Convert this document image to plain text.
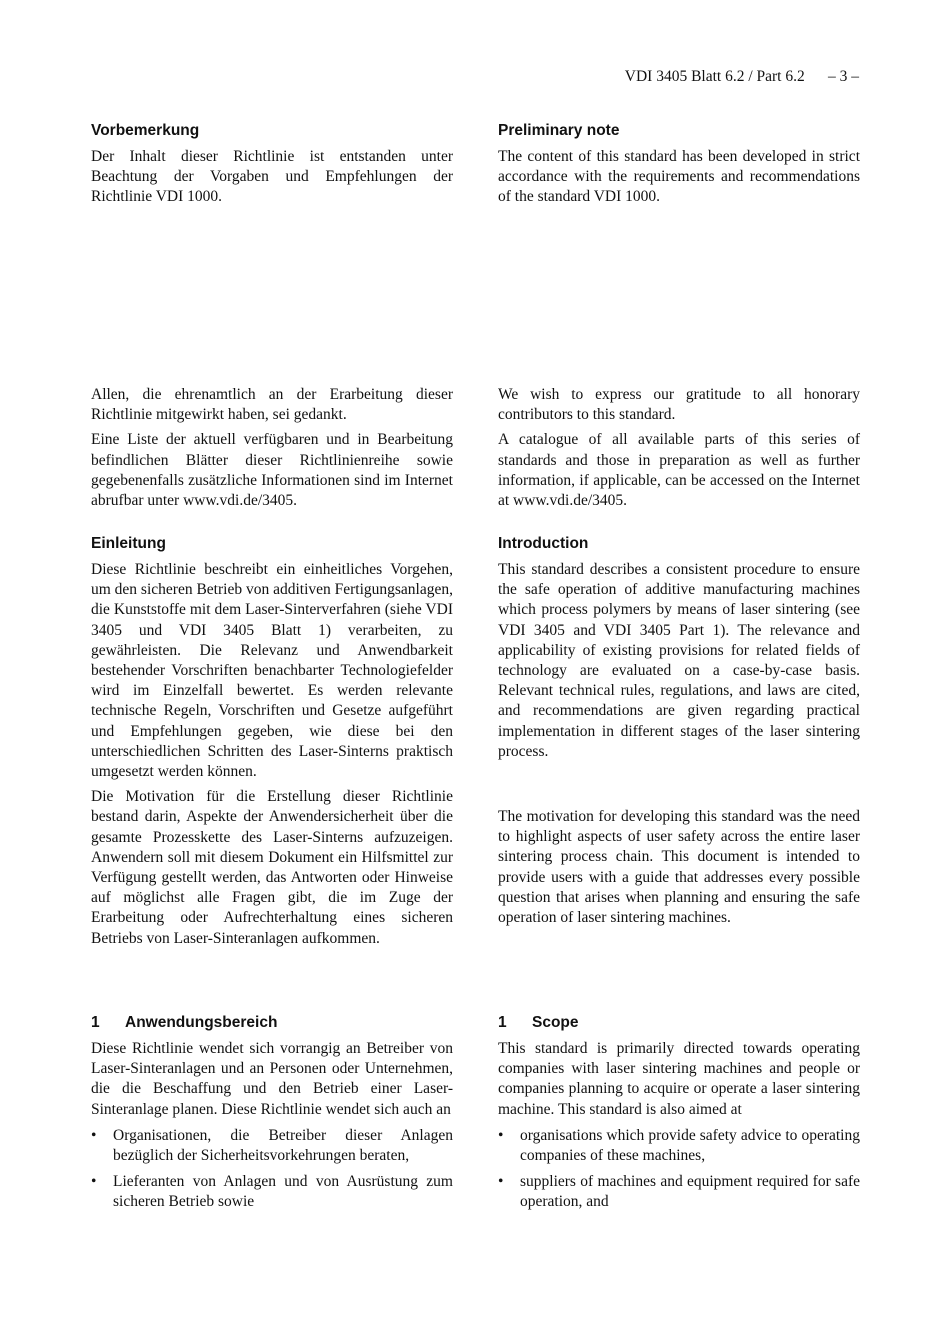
VDI 3405 Blatt 6.2 / Part 6.2 – 3 –
Vorbemerkung

Der Inhalt dieser Richtlinie ist entstanden unter Beachtung der Vorgaben und Empfehlungen der Richtlinie VDI 1000.

Preliminary note

The content of this standard has been developed in strict accordance with the requirements and recommendations of the standard VDI 1000.

Allen, die ehrenamtlich an der Erarbeitung dieser Richtlinie mitgewirkt haben, sei gedankt.

Eine Liste der aktuell verfügbaren und in Bearbeitung befindlichen Blätter dieser Richtlinienreihe sowie gegebenenfalls zusätzliche Informationen sind im Internet abrufbar unter www.vdi.de/3405.

We wish to express our gratitude to all honorary contributors to this standard.

A catalogue of all available parts of this series of standards and those in preparation as well as further information, if applicable, can be accessed on the Internet at www.vdi.de/3405.

Einleitung

Diese Richtlinie beschreibt ein einheitliches Vorgehen, um den sicheren Betrieb von additiven Fertigungsanlagen, die Kunststoffe mit dem Laser-Sinterverfahren (siehe VDI 3405 und VDI 3405 Blatt 1) verarbeiten, zu gewährleisten. Die Relevanz und Anwendbarkeit bestehender Vorschriften benachbarter Technologiefelder wird im Einzelfall bewertet. Es werden relevante technische Regeln, Vorschriften und Gesetze aufgeführt und Empfehlungen gegeben, wie diese bei den unterschiedlichen Schritten des Laser-Sinterns praktisch umgesetzt werden können.

Die Motivation für die Erstellung dieser Richtlinie bestand darin, Aspekte der Anwendersicherheit über die gesamte Prozesskette des Laser-Sinterns aufzuzeigen. Anwendern soll mit diesem Dokument ein Hilfsmittel zur Verfügung gestellt werden, das Antworten oder Hinweise auf möglichst alle Fragen gibt, die im Zuge der Erarbeitung oder Aufrechterhaltung eines sicheren Betriebs von Laser-Sinteranlagen aufkommen.

Introduction

This standard describes a consistent procedure to ensure the safe operation of additive manufacturing machines which process polymers by means of laser sintering (see VDI 3405 and VDI 3405 Part 1). The relevance and applicability of existing provisions for related fields of technology are evaluated on a case-by-case basis. Relevant technical rules, regulations, and laws are cited, and recommendations are given regarding practical implementation in different stages of the laser sintering process.

The motivation for developing this standard was the need to highlight aspects of user safety across the entire laser sintering process chain. This document is intended to provide users with a guide that addresses every possible question that arises when planning and ensuring the safe operation of laser sintering machines.

1 Anwendungsbereich

Diese Richtlinie wendet sich vorrangig an Betreiber von Laser-Sinteranlagen und an Personen oder Unternehmen, die die Beschaffung und den Betrieb einer Laser-Sinteranlage planen. Diese Richtlinie wendet sich auch an

• Organisationen, die Betreiber dieser Anlagen bezüglich der Sicherheitsvorkehrungen beraten,
• Lieferanten von Anlagen und von Ausrüstung zum sicheren Betrieb sowie
1 Scope

This standard is primarily directed towards operating companies with laser sintering machines and people or companies planning to acquire or operate a laser sintering machine. This standard is also aimed at

• organisations which provide safety advice to operating companies of these machines,
• suppliers of machines and equipment required for safe operation, and
